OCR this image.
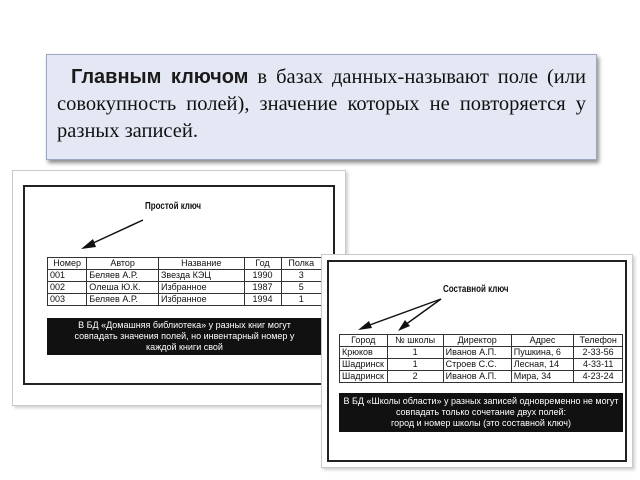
Главным ключом в базах данных-называют поле (или совокупность полей), значение которых не повторяется у разных записей.
Простой ключ
Номер	Автор	Название	Год	Полка
001	Беляев А.Р.	Звезда КЭЦ	1990	3
002	Олеша Ю.К.	Избранное	1987	5
003	Беляев А.Р.	Избранное	1994	1
В БД «Домашняя библиотека» у разных книг могут
совпадать значения полей, но инвентарный номер у
каждой книги свой
Составной ключ
Город	№ школы	Директор	Адрес	Телефон
Крюков	1	Иванов А.П.	Пушкина, 6	2-33-56
Шадринск	1	Строев С.С.	Лесная, 14	4-33-11
Шадринск	2	Иванов А.П.	Мира, 34	4-23-24
В БД «Школы области» у разных записей одновременно не могут
совпадать только сочетание двух полей:
город и номер школы (это составной ключ)
